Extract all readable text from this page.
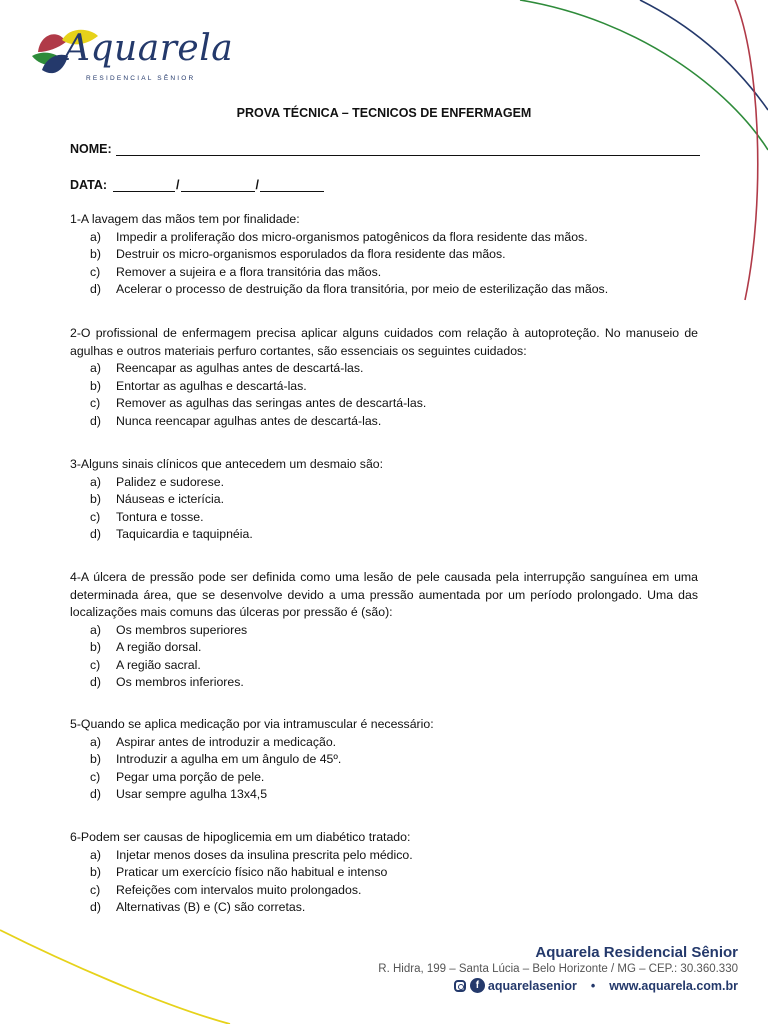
Aquarela
RESIDENCIAL SÊNIOR
PROVA TÉCNICA – TECNICOS DE ENFERMAGEM
NOME:
DATA:	/	/
1-A lavagem das mãos tem por finalidade:
a)	Impedir a proliferação dos micro-organismos patogênicos da flora residente das mãos.
b)	Destruir os micro-organismos esporulados da flora residente das mãos.
c)	Remover a sujeira e a flora transitória das mãos.
d)	Acelerar o processo de destruição da flora transitória, por meio de esterilização das mãos.
2-O profissional de enfermagem precisa aplicar alguns cuidados com relação à autoproteção. No manuseio de agulhas e outros materiais perfuro cortantes, são essenciais os seguintes cuidados:
a)	Reencapar as agulhas antes de descartá-las.
b)	Entortar as agulhas e descartá-las.
c)	Remover as agulhas das seringas antes de descartá-las.
d)	Nunca reencapar agulhas antes de descartá-las.
3-Alguns sinais clínicos que antecedem um desmaio são:
a)	Palidez e sudorese.
b)	Náuseas e icterícia.
c)	Tontura e tosse.
d)	Taquicardia e taquipnéia.
4-A úlcera de pressão pode ser definida como uma lesão de pele causada pela interrupção sanguínea em uma determinada área, que se desenvolve devido a uma pressão aumentada por um período prolongado. Uma das localizações mais comuns das úlceras por pressão é (são):
a)	Os membros superiores
b)	A região dorsal.
c)	A região sacral.
d)	Os membros inferiores.
5-Quando se aplica medicação por via intramuscular é necessário:
a)	Aspirar antes de introduzir a medicação.
b)	Introduzir a agulha em um ângulo de 45º.
c)	Pegar uma porção de pele.
d)	Usar sempre agulha 13x4,5
6-Podem ser causas de hipoglicemia em um diabético tratado:
a)	Injetar menos doses da insulina prescrita pelo médico.
b)	Praticar um exercício físico não habitual e intenso
c)	Refeições com intervalos muito prolongados.
d)	Alternativas (B) e (C) são corretas.
Aquarela Residencial Sênior
R. Hidra, 199 – Santa Lúcia – Belo Horizonte / MG – CEP.: 30.360.330
f aquarelasenior • www.aquarela.com.br
